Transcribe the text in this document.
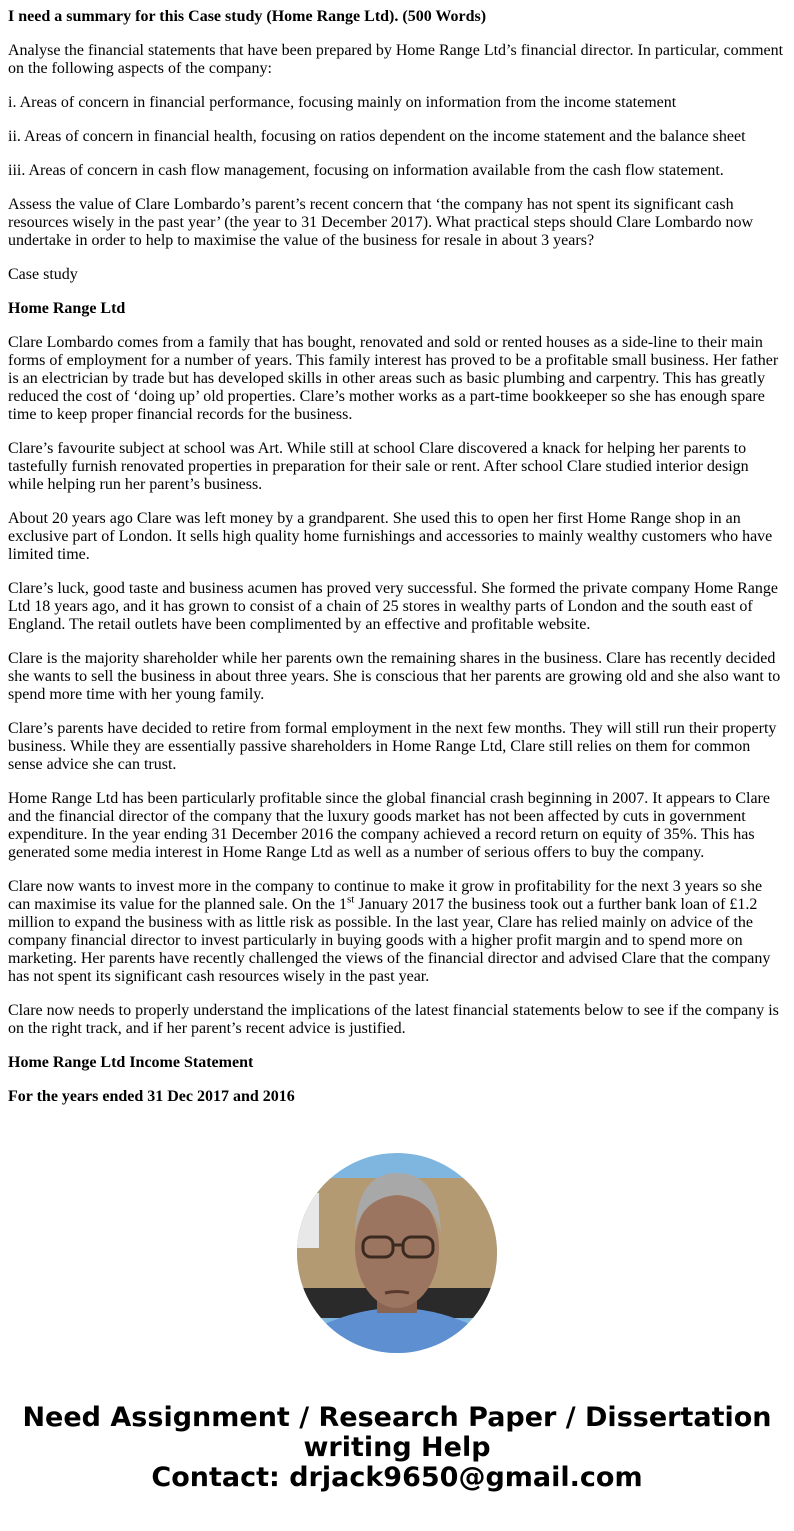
I need a summary for this Case study (Home Range Ltd). (500 Words)

Analyse the financial statements that have been prepared by Home Range Ltd’s financial director. In particular, comment on the following aspects of the company:

i. Areas of concern in financial performance, focusing mainly on information from the income statement

ii. Areas of concern in financial health, focusing on ratios dependent on the income statement and the balance sheet

iii. Areas of concern in cash flow management, focusing on information available from the cash flow statement.

Assess the value of Clare Lombardo’s parent’s recent concern that ‘the company has not spent its significant cash resources wisely in the past year’ (the year to 31 December 2017). What practical steps should Clare Lombardo now undertake in order to help to maximise the value of the business for resale in about 3 years?

Case study

Home Range Ltd

Clare Lombardo comes from a family that has bought, renovated and sold or rented houses as a side-line to their main forms of employment for a number of years. This family interest has proved to be a profitable small business. Her father is an electrician by trade but has developed skills in other areas such as basic plumbing and carpentry. This has greatly reduced the cost of ‘doing up’ old properties. Clare’s mother works as a part-time bookkeeper so she has enough spare time to keep proper financial records for the business.

Clare’s favourite subject at school was Art. While still at school Clare discovered a knack for helping her parents to tastefully furnish renovated properties in preparation for their sale or rent. After school Clare studied interior design while helping run her parent’s business.

About 20 years ago Clare was left money by a grandparent. She used this to open her first Home Range shop in an exclusive part of London. It sells high quality home furnishings and accessories to mainly wealthy customers who have limited time.

Clare’s luck, good taste and business acumen has proved very successful. She formed the private company Home Range Ltd 18 years ago, and it has grown to consist of a chain of 25 stores in wealthy parts of London and the south east of England. The retail outlets have been complimented by an effective and profitable website.

Clare is the majority shareholder while her parents own the remaining shares in the business. Clare has recently decided she wants to sell the business in about three years. She is conscious that her parents are growing old and she also want to spend more time with her young family.

Clare’s parents have decided to retire from formal employment in the next few months. They will still run their property business. While they are essentially passive shareholders in Home Range Ltd, Clare still relies on them for common sense advice she can trust.

Home Range Ltd has been particularly profitable since the global financial crash beginning in 2007. It appears to Clare and the financial director of the company that the luxury goods market has not been affected by cuts in government expenditure. In the year ending 31 December 2016 the company achieved a record return on equity of 35%. This has generated some media interest in Home Range Ltd as well as a number of serious offers to buy the company.

Clare now wants to invest more in the company to continue to make it grow in profitability for the next 3 years so she can maximise its value for the planned sale. On the 1st January 2017 the business took out a further bank loan of £1.2 million to expand the business with as little risk as possible. In the last year, Clare has relied mainly on advice of the company financial director to invest particularly in buying goods with a higher profit margin and to spend more on marketing. Her parents have recently challenged the views of the financial director and advised Clare that the company has not spent its significant cash resources wisely in the past year.

Clare now needs to properly understand the implications of the latest financial statements below to see if the company is on the right track, and if her parent’s recent advice is justified.

Home Range Ltd Income Statement

For the years ended 31 Dec 2017 and 2016

Need Assignment / Research Paper / Dissertation writing Help
Contact: drjack9650@gmail.com
